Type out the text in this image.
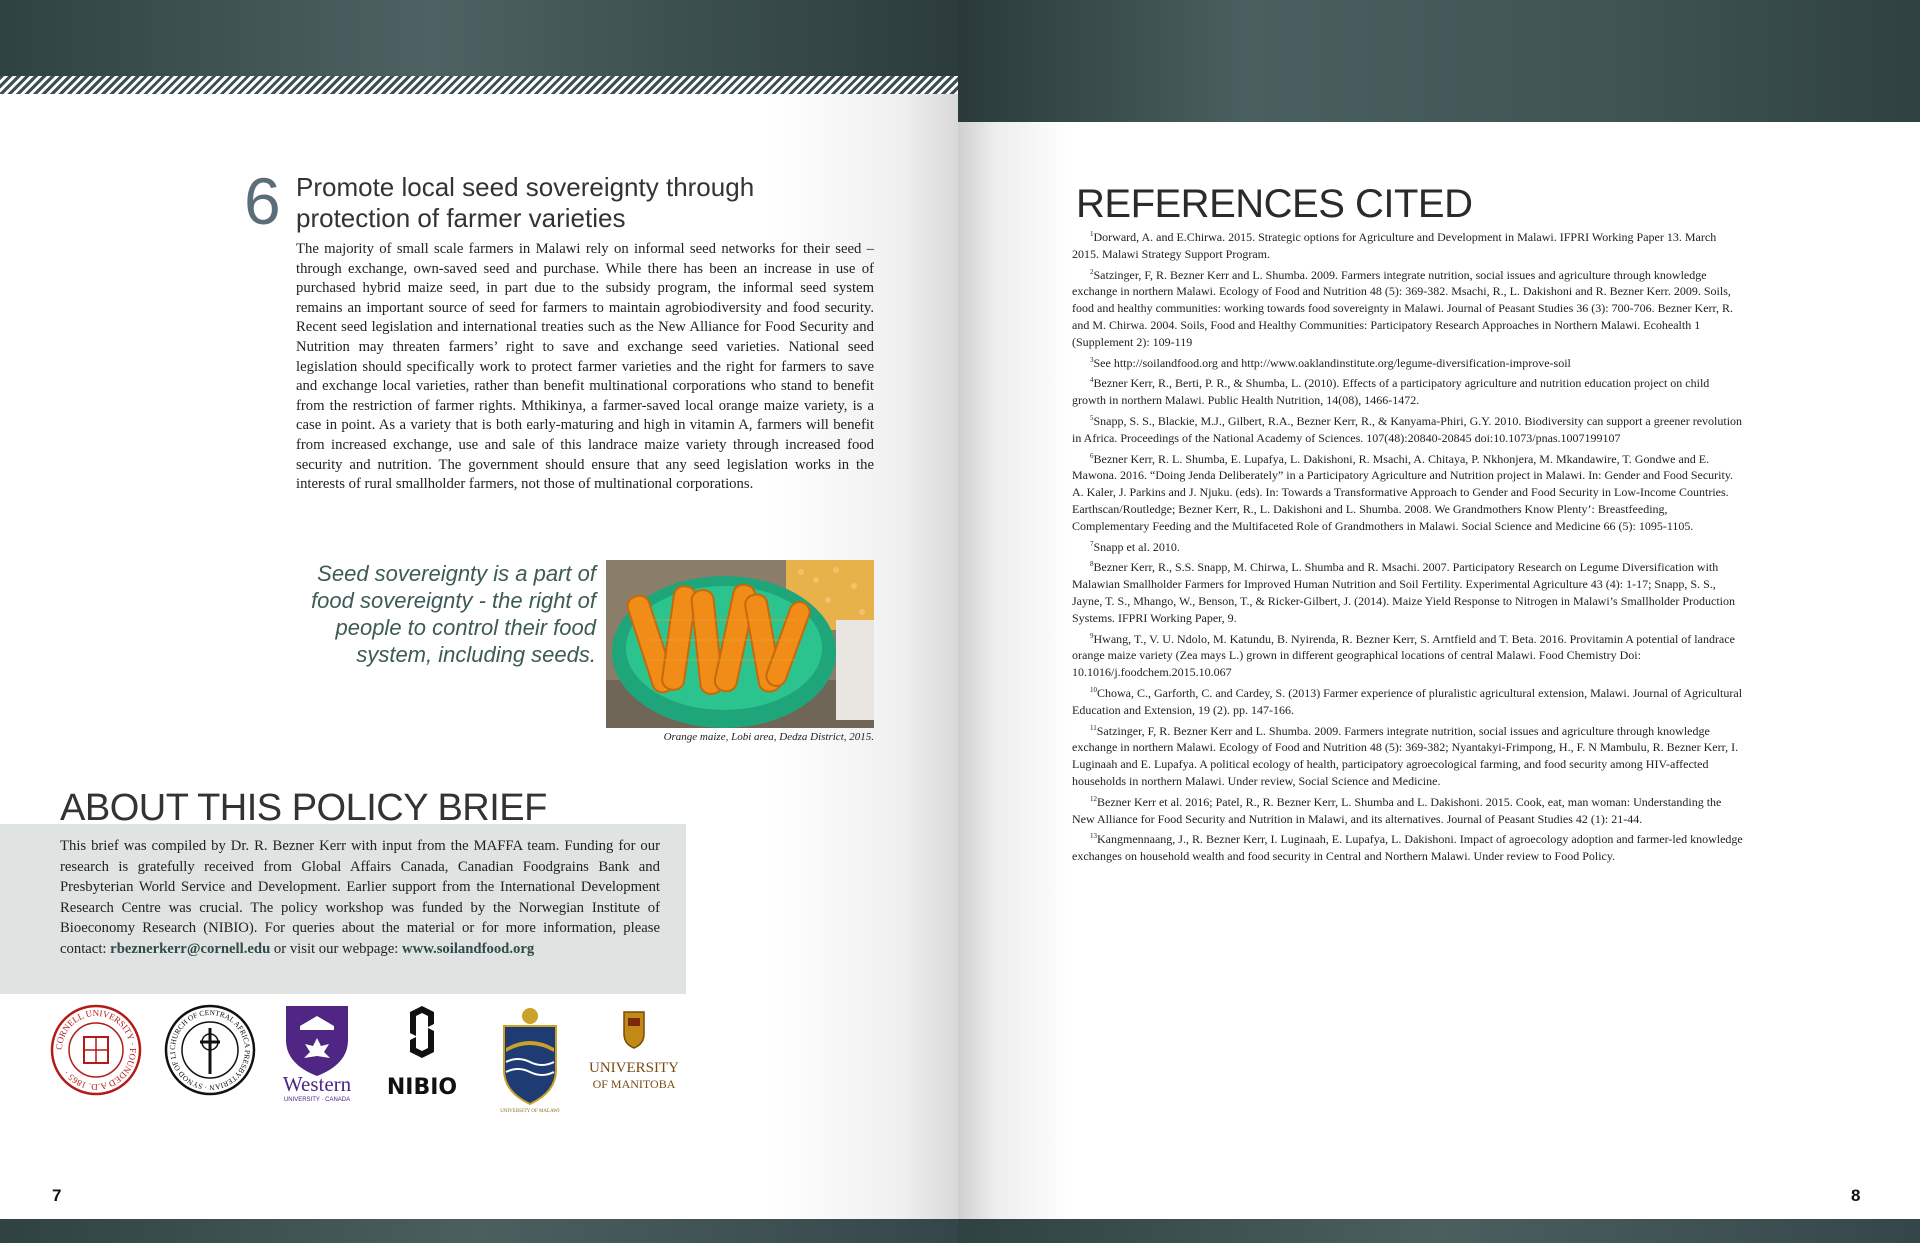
6 Promote local seed sovereignty through protection of farmer varieties

The majority of small scale farmers in Malawi rely on informal seed networks for their seed – through exchange, own-saved seed and purchase. While there has been an increase in use of purchased hybrid maize seed, in part due to the subsidy program, the informal seed system remains an important source of seed for farmers to maintain agrobiodiversity and food security. Recent seed legislation and international treaties such as the New Alliance for Food Security and Nutrition may threaten farmers’ right to save and exchange seed varieties. National seed legislation should specifically work to protect farmer varieties and the right for farmers to save and exchange local varieties, rather than benefit multinational corporations who stand to benefit from the restriction of farmer rights. Mthikinya, a farmer-saved local orange maize variety, is a case in point. As a variety that is both early-maturing and high in vitamin A, farmers will benefit from increased exchange, use and sale of this landrace maize variety through increased food security and nutrition. The government should ensure that any seed legislation works in the interests of rural smallholder farmers, not those of multinational corporations.

Seed sovereignty is a part of food sovereignty - the right of people to control their food system, including seeds.

Orange maize, Lobi area, Dedza District, 2015.
ABOUT THIS POLICY BRIEF

This brief was compiled by Dr. R. Bezner Kerr with input from the MAFFA team. Funding for our research is gratefully received from Global Affairs Canada, Canadian Foodgrains Bank and Presbyterian World Service and Development. Earlier support from the International Development Research Centre was crucial. The policy workshop was funded by the Norwegian Institute of Bioeconomy Research (NIBIO). For queries about the material or for more information, please contact: rbeznerkerr@cornell.edu or visit our webpage: www.soilandfood.org

CORNELL UNIVERSITY · FOUNDED A.D. 1865 ·
CHURCH OF CENTRAL AFRICA PRESBYTERIAN · SYNOD OF LI
Western
UNIVERSITY · CANADA NIBIO
UNIVERSITY OF MALAWI
UNIVERSITY
OF MANITOBA
7
REFERENCES CITED
$^1$Dorward, A. and E.Chirwa. 2015. Strategic options for Agriculture and Development in Malawi. IFPRI Working Paper 13. March 2015. Malawi Strategy Support Program.
$^2$Satzinger, F, R. Bezner Kerr and L. Shumba. 2009. Farmers integrate nutrition, social issues and agriculture through knowledge exchange in northern Malawi. Ecology of Food and Nutrition 48 (5): 369-382. Msachi, R., L. Dakishoni and R. Bezner Kerr. 2009. Soils, food and healthy communities: working towards food sovereignty in Malawi. Journal of Peasant Studies 36 (3): 700-706. Bezner Kerr, R. and M. Chirwa. 2004. Soils, Food and Healthy Communities: Participatory Research Approaches in Northern Malawi. Ecohealth 1 (Supplement 2): 109-119
$^3$See http://soilandfood.org and http://www.oaklandinstitute.org/legume-diversification-improve-soil
$^4$Bezner Kerr, R., Berti, P. R., & Shumba, L. (2010). Effects of a participatory agriculture and nutrition education project on child growth in northern Malawi. Public Health Nutrition, 14(08), 1466-1472.
$^5$Snapp, S. S., Blackie, M.J., Gilbert, R.A., Bezner Kerr, R., & Kanyama-Phiri, G.Y. 2010. Biodiversity can support a greener revolution in Africa. Proceedings of the National Academy of Sciences. 107(48):20840-20845 doi:10.1073/pnas.1007199107
$^6$Bezner Kerr, R. L. Shumba, E. Lupafya, L. Dakishoni, R. Msachi, A. Chitaya, P. Nkhonjera, M. Mkandawire, T. Gondwe and E. Mawona. 2016. “Doing Jenda Deliberately” in a Participatory Agriculture and Nutrition project in Malawi. In: Gender and Food Security. A. Kaler, J. Parkins and J. Njuku. (eds). In: Towards a Transformative Approach to Gender and Food Security in Low-Income Countries. Earthscan/Routledge; Bezner Kerr, R., L. Dakishoni and L. Shumba. 2008. We Grandmothers Know Plenty’: Breastfeeding, Complementary Feeding and the Multifaceted Role of Grandmothers in Malawi. Social Science and Medicine 66 (5): 1095-1105.
$^7$Snapp et al. 2010.
$^8$Bezner Kerr, R., S.S. Snapp, M. Chirwa, L. Shumba and R. Msachi. 2007. Participatory Research on Legume Diversification with Malawian Smallholder Farmers for Improved Human Nutrition and Soil Fertility. Experimental Agriculture 43 (4): 1-17; Snapp, S. S., Jayne, T. S., Mhango, W., Benson, T., & Ricker-Gilbert, J. (2014). Maize Yield Response to Nitrogen in Malawi’s Smallholder Production Systems. IFPRI Working Paper, 9.
$^9$Hwang, T., V. U. Ndolo, M. Katundu, B. Nyirenda, R. Bezner Kerr, S. Arntfield and T. Beta. 2016. Provitamin A potential of landrace orange maize variety (Zea mays L.) grown in different geographical locations of central Malawi. Food Chemistry Doi: 10.1016/j.foodchem.2015.10.067
$^{10}$Chowa, C., Garforth, C. and Cardey, S. (2013) Farmer experience of pluralistic agricultural extension, Malawi. Journal of Agricultural Education and Extension, 19 (2). pp. 147-166.
$^{11}$Satzinger, F, R. Bezner Kerr and L. Shumba. 2009. Farmers integrate nutrition, social issues and agriculture through knowledge exchange in northern Malawi. Ecology of Food and Nutrition 48 (5): 369-382; Nyantakyi-Frimpong, H., F. N Mambulu, R. Bezner Kerr, I. Luginaah and E. Lupafya. A political ecology of health, participatory agroecological farming, and food security among HIV-affected households in northern Malawi. Under review, Social Science and Medicine.
$^{12}$Bezner Kerr et al. 2016; Patel, R., R. Bezner Kerr, L. Shumba and L. Dakishoni. 2015. Cook, eat, man woman: Understanding the New Alliance for Food Security and Nutrition in Malawi, and its alternatives. Journal of Peasant Studies 42 (1): 21-44.
$^{13}$Kangmennaang, J., R. Bezner Kerr, I. Luginaah, E. Lupafya, L. Dakishoni. Impact of agroecology adoption and farmer-led knowledge exchanges on household wealth and food security in Central and Northern Malawi. Under review to Food Policy.
8
